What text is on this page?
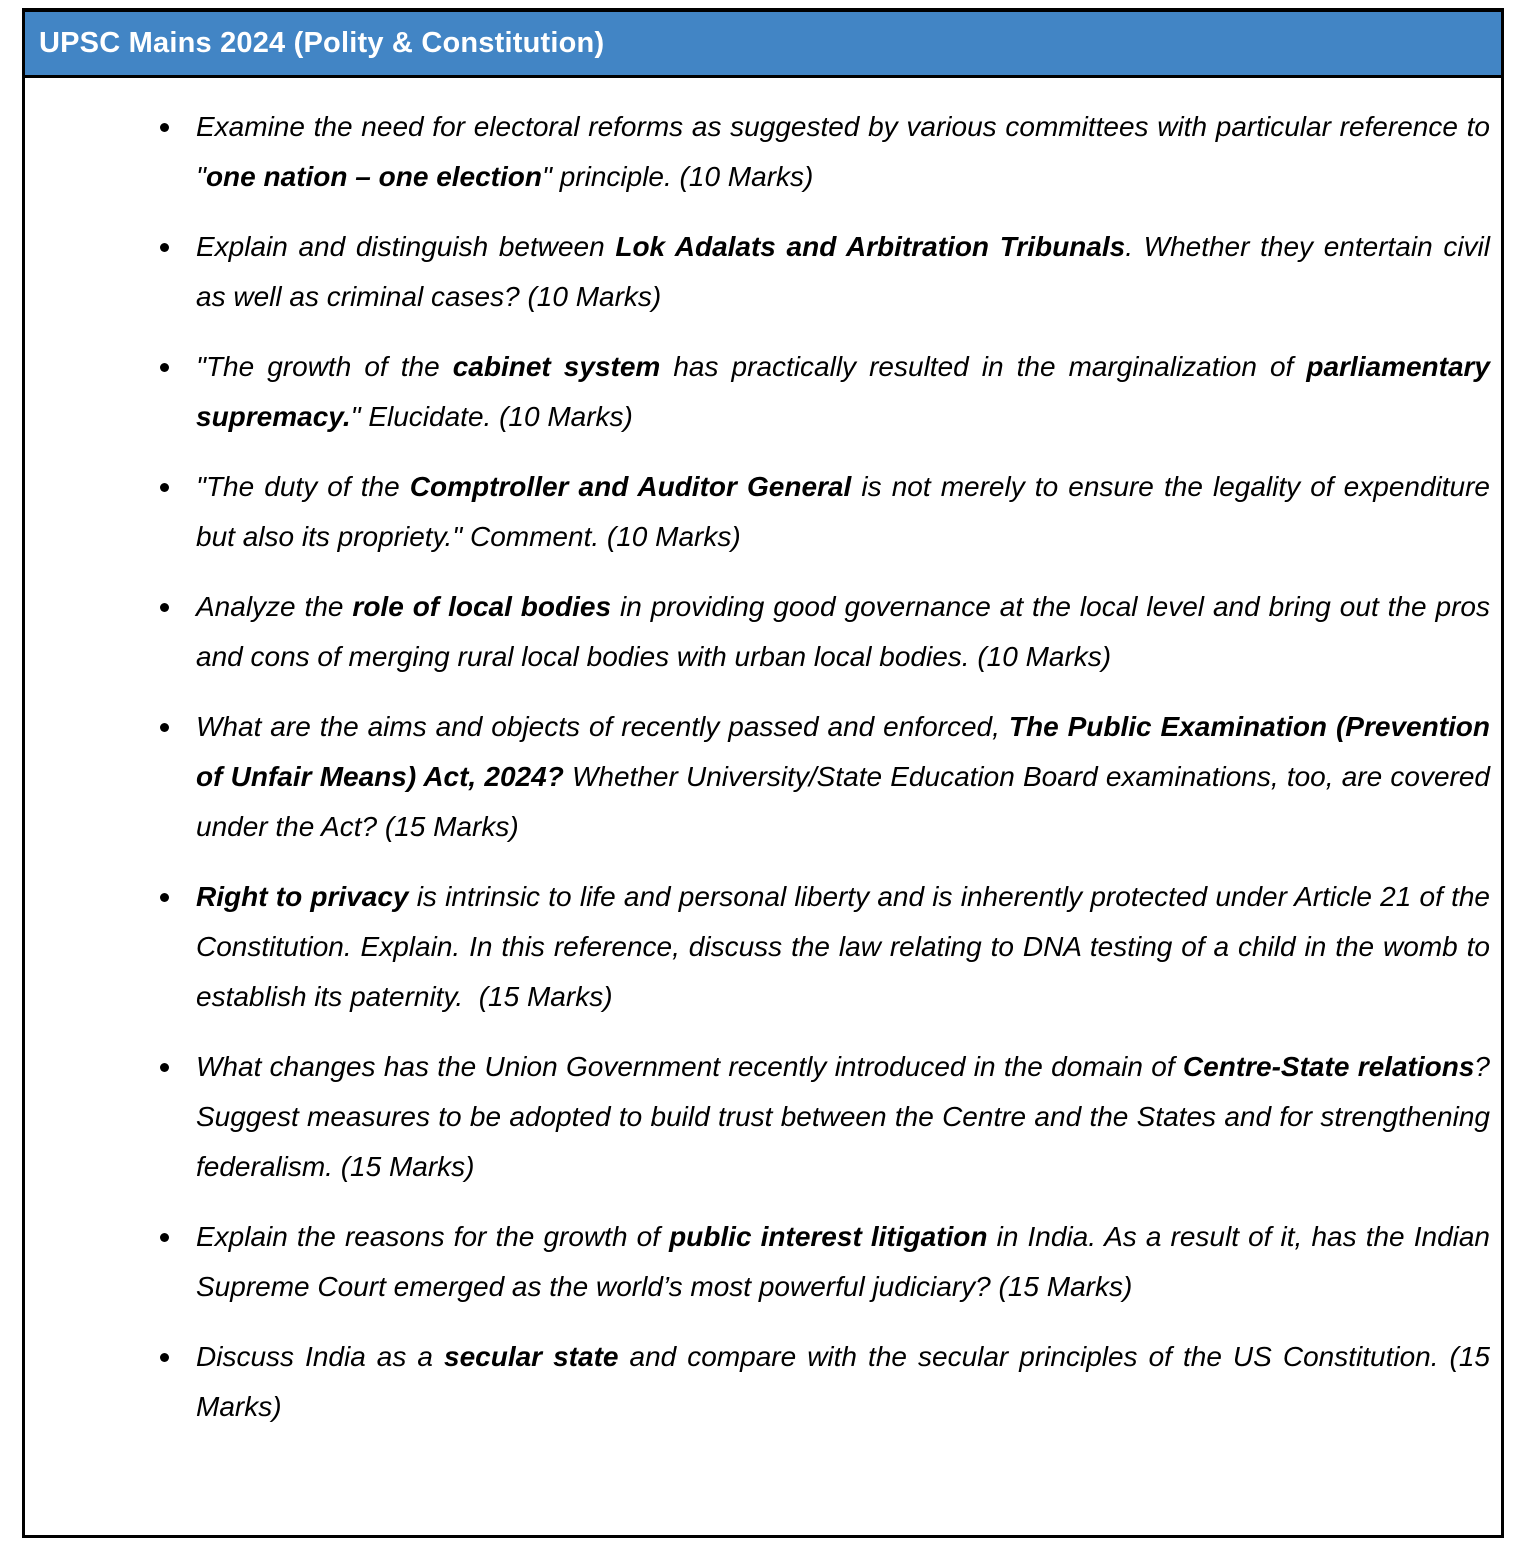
UPSC Mains 2024 (Polity & Constitution)
Examine the need for electoral reforms as suggested by various committees with particular reference to "one nation – one election" principle. (10 Marks)
Explain and distinguish between Lok Adalats and Arbitration Tribunals. Whether they entertain civil as well as criminal cases? (10 Marks)
"The growth of the cabinet system has practically resulted in the marginalization of parliamentary supremacy." Elucidate. (10 Marks)
"The duty of the Comptroller and Auditor General is not merely to ensure the legality of expenditure but also its propriety." Comment. (10 Marks)
Analyze the role of local bodies in providing good governance at the local level and bring out the pros and cons of merging rural local bodies with urban local bodies. (10 Marks)
What are the aims and objects of recently passed and enforced, The Public Examination (Prevention of Unfair Means) Act, 2024? Whether University/State Education Board examinations, too, are covered under the Act? (15 Marks)
Right to privacy is intrinsic to life and personal liberty and is inherently protected under Article 21 of the Constitution. Explain. In this reference, discuss the law relating to DNA testing of a child in the womb to establish its paternity.  (15 Marks)
What changes has the Union Government recently introduced in the domain of Centre-State relations? Suggest measures to be adopted to build trust between the Centre and the States and for strengthening federalism. (15 Marks)
Explain the reasons for the growth of public interest litigation in India. As a result of it, has the Indian Supreme Court emerged as the world’s most powerful judiciary? (15 Marks)
Discuss India as a secular state and compare with the secular principles of the US Constitution. (15 Marks)
